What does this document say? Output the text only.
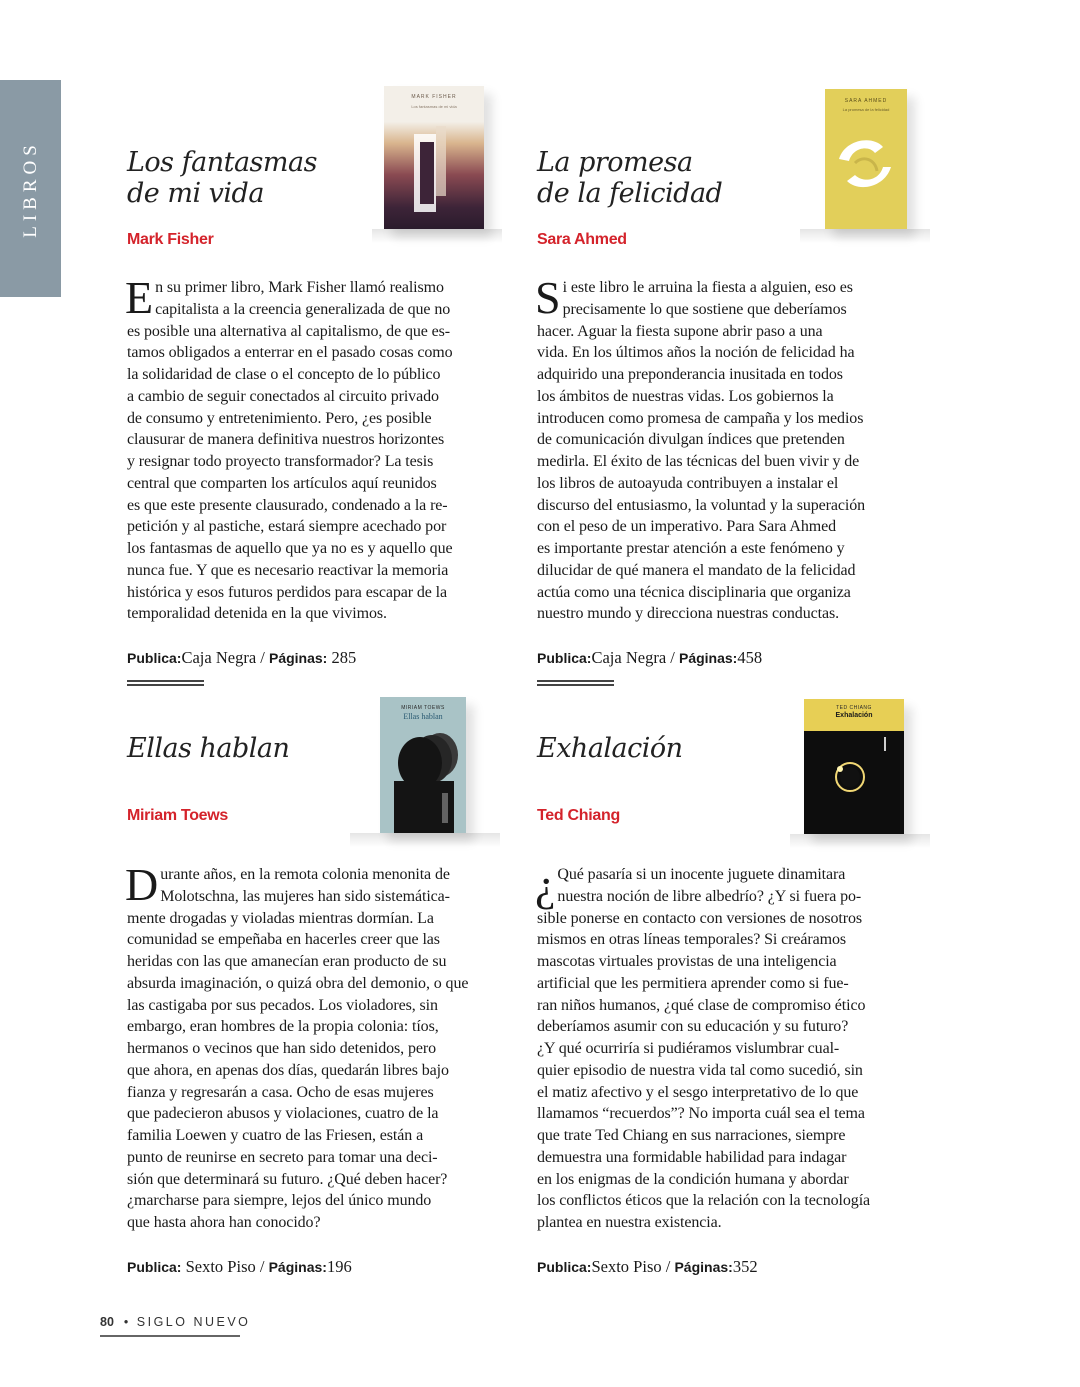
LIBROS
MARK FISHER
Los fantasmas de mi vida
Los fantasmas
de mi vida
Mark Fisher
E n su primer libro, Mark Fisher llamó realismo
capitalista a la creencia generalizada de que no
es posible una alternativa al capitalismo, de que es-
tamos obligados a enterrar en el pasado cosas como
la solidaridad de clase o el concepto de lo público
a cambio de seguir conectados al circuito privado
de consumo y entretenimiento. Pero, ¿es posible
clausurar de manera definitiva nuestros horizontes
y resignar todo proyecto transformador? La tesis
central que comparten los artículos aquí reunidos
es que este presente clausurado, condenado a la re-
petición y al pastiche, estará siempre acechado por
los fantasmas de aquello que ya no es y aquello que
nunca fue. Y que es necesario reactivar la memoria
histórica y esos futuros perdidos para escapar de la
temporalidad detenida en la que vivimos.
Publica:Caja Negra / Páginas: 285
SARA AHMED
La promesa de la felicidad
La promesa
de la felicidad
Sara Ahmed
S i este libro le arruina la fiesta a alguien, eso es
precisamente lo que sostiene que deberíamos
hacer. Aguar la fiesta supone abrir paso a una
vida. En los últimos años la noción de felicidad ha
adquirido una preponderancia inusitada en todos
los ámbitos de nuestras vidas. Los gobiernos la
introducen como promesa de campaña y los medios
de comunicación divulgan índices que pretenden
medirla. El éxito de las técnicas del buen vivir y de
los libros de autoayuda contribuyen a instalar el
discurso del entusiasmo, la voluntad y la superación
con el peso de un imperativo. Para Sara Ahmed
es importante prestar atención a este fenómeno y
dilucidar de qué manera el mandato de la felicidad
actúa como una técnica disciplinaria que organiza
nuestro mundo y direcciona nuestras conductas.
Publica:Caja Negra / Páginas:458
MIRIAM TOEWS
Ellas hablan
Ellas hablan
Miriam Toews
D urante años, en la remota colonia menonita de
Molotschna, las mujeres han sido sistemática-
mente drogadas y violadas mientras dormían. La
comunidad se empeñaba en hacerles creer que las
heridas con las que amanecían eran producto de su
absurda imaginación, o quizá obra del demonio, o que
las castigaba por sus pecados. Los violadores, sin
embargo, eran hombres de la propia colonia: tíos,
hermanos o vecinos que han sido detenidos, pero
que ahora, en apenas dos días, quedarán libres bajo
fianza y regresarán a casa. Ocho de esas mujeres
que padecieron abusos y violaciones, cuatro de la
familia Loewen y cuatro de las Friesen, están a
punto de reunirse en secreto para tomar una deci-
sión que determinará su futuro. ¿Qué deben hacer?
¿marcharse para siempre, lejos del único mundo
que hasta ahora han conocido?
Publica: Sexto Piso / Páginas:196
TED CHIANG
Exhalación
Exhalación
Ted Chiang
¿ Qué pasaría si un inocente juguete dinamitara
nuestra noción de libre albedrío? ¿Y si fuera po-
sible ponerse en contacto con versiones de nosotros
mismos en otras líneas temporales? Si creáramos
mascotas virtuales provistas de una inteligencia
artificial que les permitiera aprender como si fue-
ran niños humanos, ¿qué clase de compromiso ético
deberíamos asumir con su educación y su futuro?
¿Y qué ocurriría si pudiéramos vislumbrar cual-
quier episodio de nuestra vida tal como sucedió, sin
el matiz afectivo y el sesgo interpretativo de lo que
llamamos “recuerdos”? No importa cuál sea el tema
que trate Ted Chiang en sus narraciones, siempre
demuestra una formidable habilidad para indagar
en los enigmas de la condición humana y abordar
los conflictos éticos que la relación con la tecnología
plantea en nuestra existencia.
Publica:Sexto Piso / Páginas:352
80 • SIGLO NUEVO
